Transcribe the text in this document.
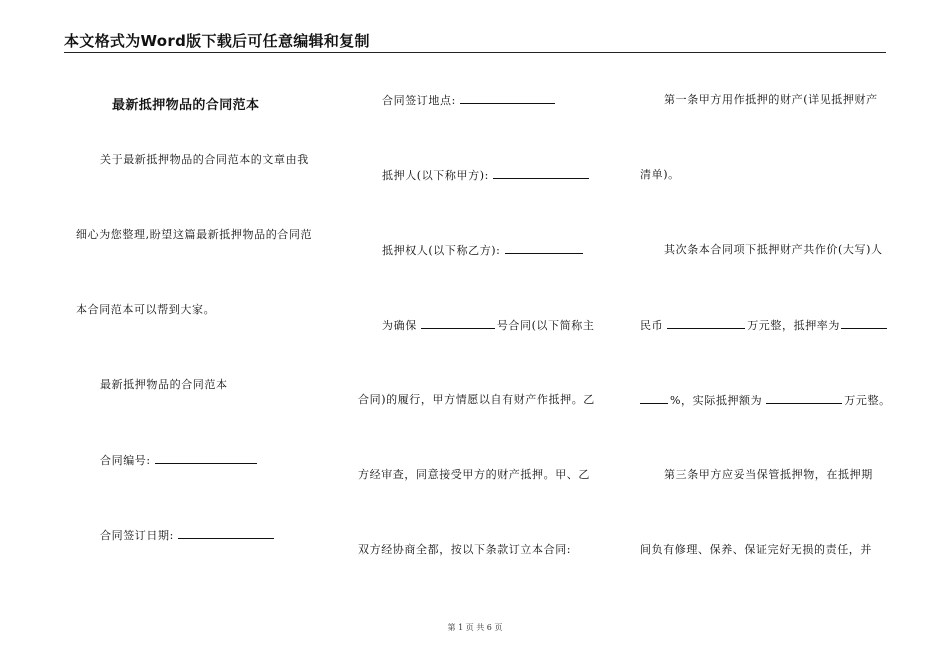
本文格式为Word版下载后可任意编辑和复制
最新抵押物品的合同范本
关于最新抵押物品的合同范本的文章由我
细心为您整理,盼望这篇最新抵押物品的合同范
本合同范本可以帮到大家。
最新抵押物品的合同范本
合同编号:
合同签订日期:
合同签订地点:
抵押人(以下称甲方):
抵押权人(以下称乙方):
为确保	号合同(以下简称主
合同)的履行，甲方情愿以自有财产作抵押。乙
方经审查，同意接受甲方的财产抵押。甲、乙
双方经协商全都，按以下条款订立本合同:
第一条甲方用作抵押的财产(详见抵押财产
清单)。
其次条本合同项下抵押财产共作价(大写)人
民币	万元整，抵押率为
%，实际抵押额为	万元整。
第三条甲方应妥当保管抵押物，在抵押期
间负有修理、保养、保证完好无损的责任，并
第 1 页 共 6 页
